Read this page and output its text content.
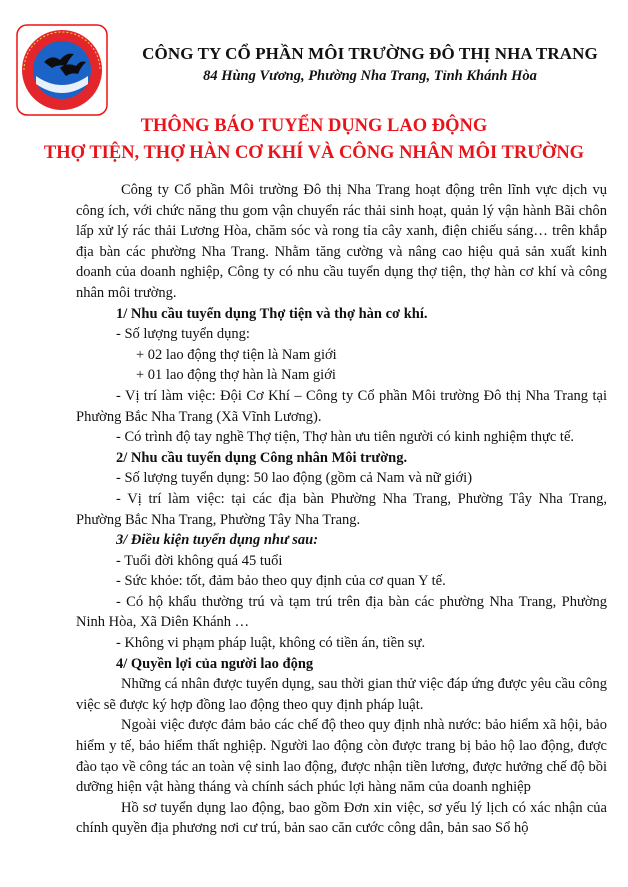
CÔNG TY CỔ PHẦN MÔI TRƯỜNG ĐÔ THỊ NHA TRANG
84 Hùng Vương, Phường Nha Trang, Tỉnh Khánh Hòa
THÔNG BÁO TUYỂN DỤNG LAO ĐỘNG
THỢ TIỆN, THỢ HÀN CƠ KHÍ VÀ CÔNG NHÂN MÔI TRƯỜNG

Công ty Cổ phần Môi trường Đô thị Nha Trang hoạt động trên lĩnh vực dịch vụ công ích, với chức năng thu gom vận chuyển rác thải sinh hoạt, quản lý vận hành Bãi chôn lấp xử lý rác thải Lương Hòa, chăm sóc và rong tỉa cây xanh, điện chiếu sáng… trên khắp địa bàn các phường Nha Trang. Nhằm tăng cường và nâng cao hiệu quả sản xuất kinh doanh của doanh nghiệp, Công ty có nhu cầu tuyển dụng thợ tiện, thợ hàn cơ khí và công nhân môi trường.

1/ Nhu cầu tuyển dụng Thợ tiện và thợ hàn cơ khí.

- Số lượng tuyển dụng:

+ 02 lao động thợ tiện là Nam giới

+ 01 lao động thợ hàn là Nam giới

- Vị trí làm việc: Đội Cơ Khí – Công ty Cổ phần Môi trường Đô thị Nha Trang tại Phường Bắc Nha Trang (Xã Vĩnh Lương).

- Có trình độ tay nghề Thợ tiện, Thợ hàn ưu tiên người có kinh nghiệm thực tế.

2/ Nhu cầu tuyển dụng Công nhân Môi trường.

- Số lượng tuyển dụng: 50 lao động (gồm cả Nam và nữ giới)

- Vị trí làm việc: tại các địa bàn Phường Nha Trang, Phường Tây Nha Trang, Phường Bắc Nha Trang, Phường Tây Nha Trang.

3/ Điều kiện tuyển dụng như sau:

- Tuổi đời không quá 45 tuổi

- Sức khỏe: tốt, đảm bảo theo quy định của cơ quan Y tế.

- Có hộ khẩu thường trú và tạm trú trên địa bàn các phường Nha Trang, Phường Ninh Hòa, Xã Diên Khánh …

- Không vi phạm pháp luật, không có tiền án, tiền sự.

4/ Quyền lợi của người lao động

Những cá nhân được tuyển dụng, sau thời gian thử việc đáp ứng được yêu cầu công việc sẽ được ký hợp đồng lao động theo quy định pháp luật.

Ngoài việc được đảm bảo các chế độ theo quy định nhà nước: bảo hiểm xã hội, bảo hiểm y tế, bảo hiểm thất nghiệp. Người lao động còn được trang bị bảo hộ lao động, được đào tạo về công tác an toàn vệ sinh lao động, được nhận tiền lương, được hưởng chế độ bồi dưỡng hiện vật hàng tháng và chính sách phúc lợi hàng năm của doanh nghiệp

Hồ sơ tuyển dụng lao động, bao gồm Đơn xin việc, sơ yếu lý lịch có xác nhận của chính quyền địa phương nơi cư trú, bản sao căn cước công dân, bản sao Sổ hộ
